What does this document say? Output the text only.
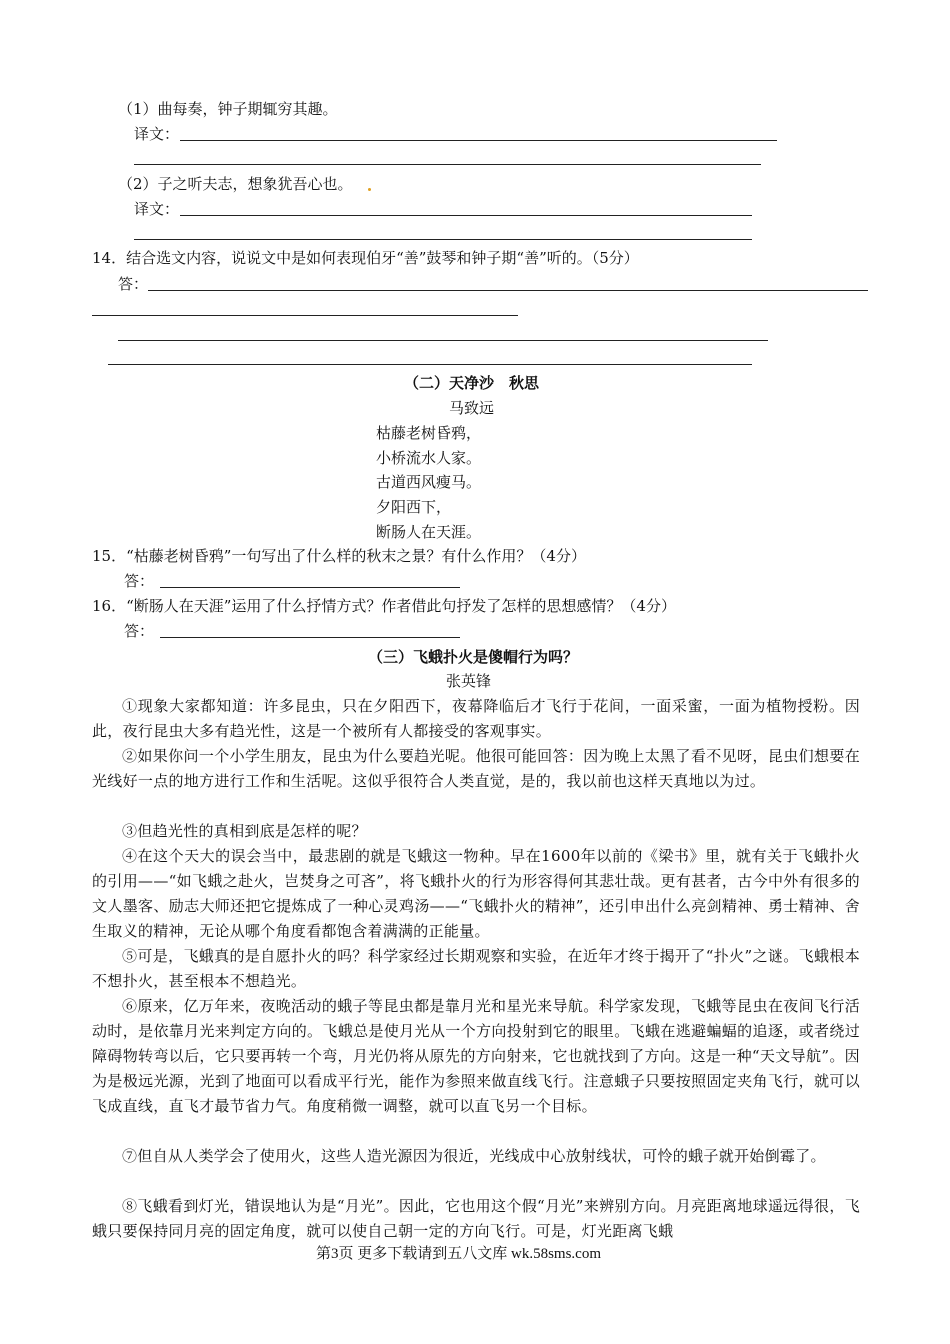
（1）曲每奏，钟子期辄穷其趣。
译文：
（2）子之听夫志，想象犹吾心也。
译文：
14．结合选文内容，说说文中是如何表现伯牙“善”鼓琴和钟子期“善”听的。（5分）
答：
（二）天净沙　秋思
马致远
枯藤老树昏鸦，
小桥流水人家。
古道西风瘦马。
夕阳西下，
断肠人在天涯。
15．“枯藤老树昏鸦”一句写出了什么样的秋末之景？有什么作用？（4分）
答：
16．“断肠人在天涯”运用了什么抒情方式？作者借此句抒发了怎样的思想感情？（4分）
答：
（三）飞蛾扑火是傻帽行为吗？
张英锋
①现象大家都知道：许多昆虫，只在夕阳西下，夜幕降临后才飞行于花间，一面采蜜，一面为植物授粉。因此，夜行昆虫大多有趋光性，这是一个被所有人都接受的客观事实。
②如果你问一个小学生朋友，昆虫为什么要趋光呢。他很可能回答：因为晚上太黑了看不见呀，昆虫们想要在光线好一点的地方进行工作和生活呢。这似乎很符合人类直觉，是的，我以前也这样天真地以为过。
③但趋光性的真相到底是怎样的呢？
④在这个天大的误会当中，最悲剧的就是飞蛾这一物种。早在1600年以前的《梁书》里，就有关于飞蛾扑火的引用——“如飞蛾之赴火，岂焚身之可吝”，将飞蛾扑火的行为形容得何其悲壮哉。更有甚者，古今中外有很多的文人墨客、励志大师还把它提炼成了一种心灵鸡汤——“飞蛾扑火的精神”，还引申出什么亮剑精神、勇士精神、舍生取义的精神，无论从哪个角度看都饱含着满满的正能量。
⑤可是，飞蛾真的是自愿扑火的吗？科学家经过长期观察和实验，在近年才终于揭开了“扑火”之谜。飞蛾根本不想扑火，甚至根本不想趋光。
⑥原来，亿万年来，夜晚活动的蛾子等昆虫都是靠月光和星光来导航。科学家发现，飞蛾等昆虫在夜间飞行活动时，是依靠月光来判定方向的。飞蛾总是使月光从一个方向投射到它的眼里。飞蛾在逃避蝙蝠的追逐，或者绕过障碍物转弯以后，它只要再转一个弯，月光仍将从原先的方向射来，它也就找到了方向。这是一种“天文导航”。因为是极远光源，光到了地面可以看成平行光，能作为参照来做直线飞行。注意蛾子只要按照固定夹角飞行，就可以飞成直线，直飞才最节省力气。角度稍微一调整，就可以直飞另一个目标。
⑦但自从人类学会了使用火，这些人造光源因为很近，光线成中心放射线状，可怜的蛾子就开始倒霉了。
⑧飞蛾看到灯光，错误地认为是“月光”。因此，它也用这个假“月光”来辨别方向。月亮距离地球遥远得很，飞蛾只要保持同月亮的固定角度，就可以使自己朝一定的方向飞行。可是，灯光距离飞蛾
第3页 更多下载请到五八文库 wk.58sms.com
